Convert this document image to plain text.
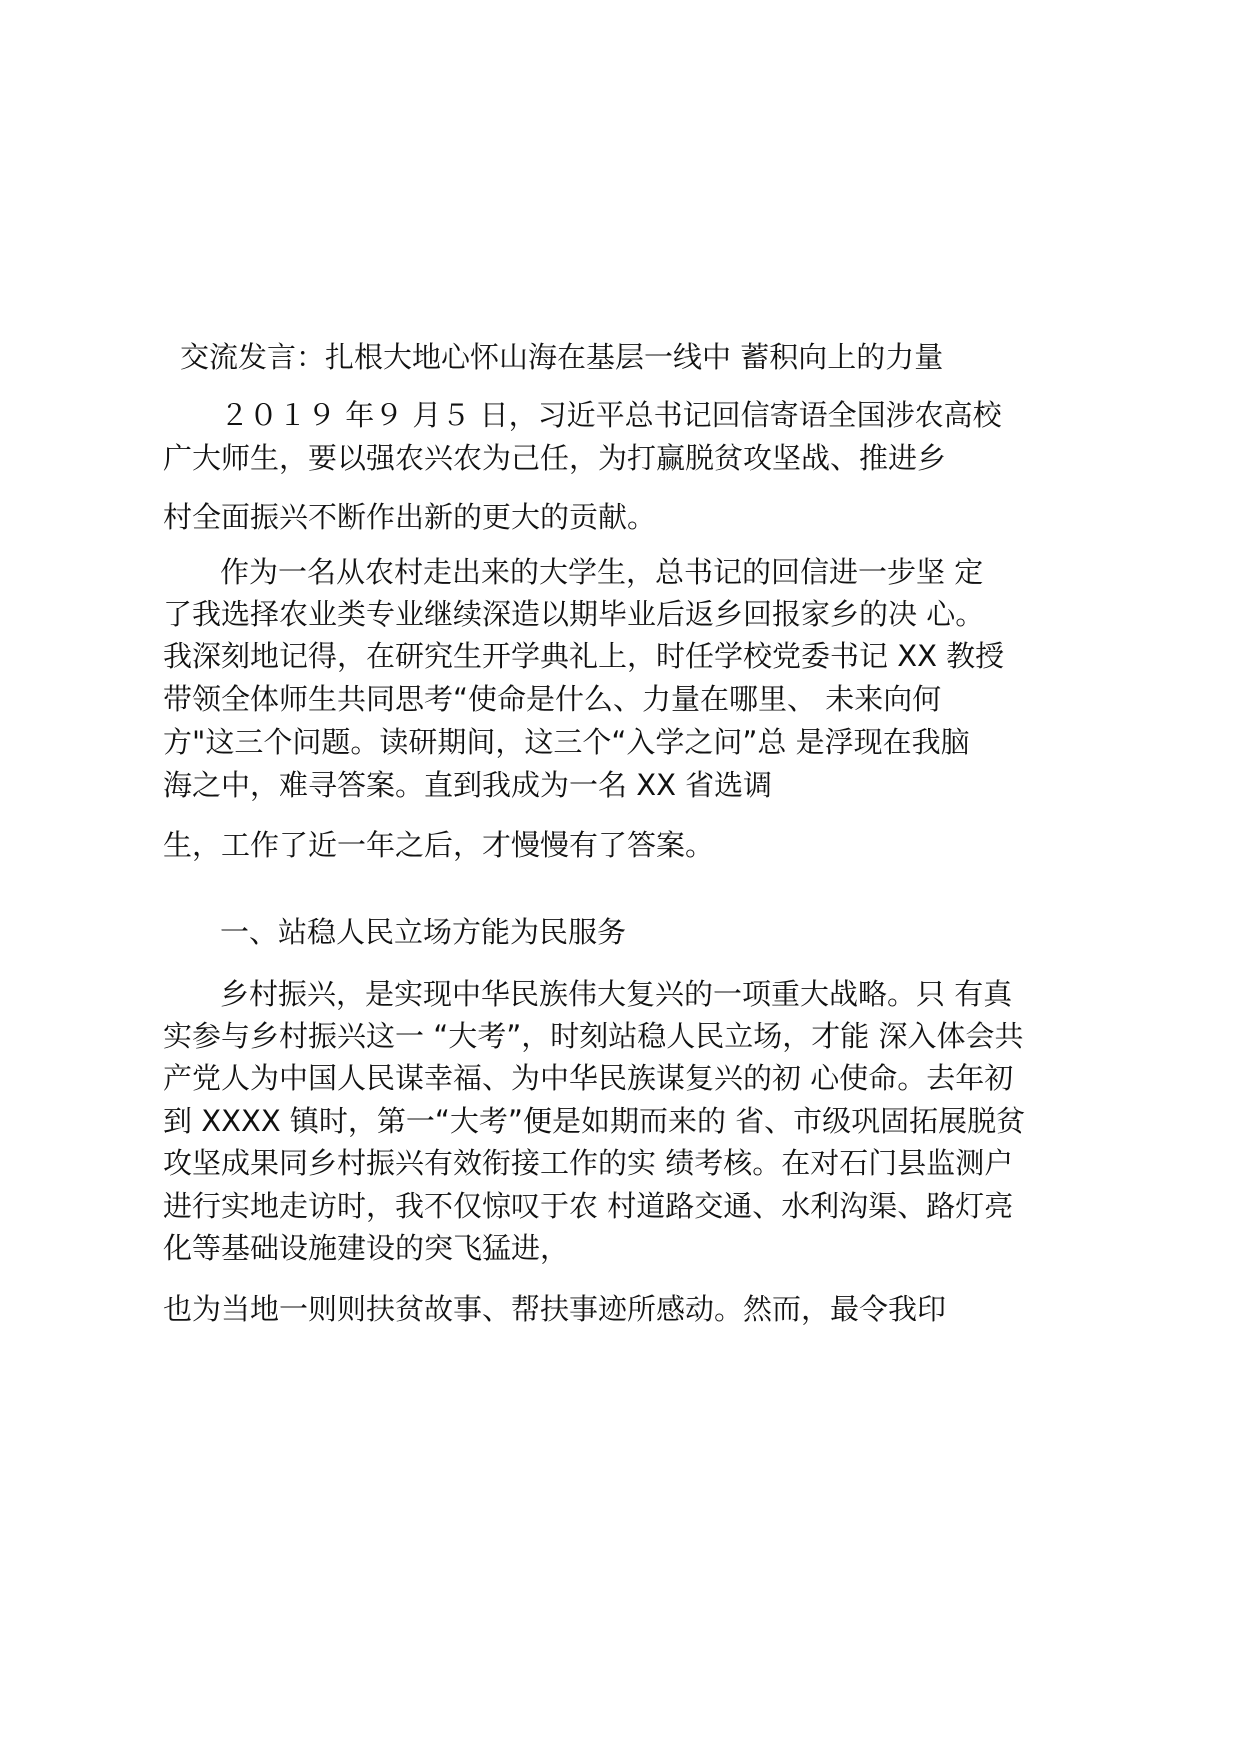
交流发言：扎根大地心怀山海在基层一线中 蓄积向上的力量
２０１９ 年９ 月５ 日，习近平总书记回信寄语全国涉农高校
广大师生，要以强农兴农为己任，为打赢脱贫攻坚战、推进乡
村全面振兴不断作出新的更大的贡献。
作为一名从农村走出来的大学生，总书记的回信进一步坚 定
了我选择农业类专业继续深造以期毕业后返乡回报家乡的决 心。
我深刻地记得，在研究生开学典礼上，时任学校党委书记 XX 教授
带领全体师生共同思考“使命是什么、力量在哪里、 未来向何
方"这三个问题。读研期间，这三个“入学之问”总 是浮现在我脑
海之中，难寻答案。直到我成为一名 XX 省选调
生，工作了近一年之后，才慢慢有了答案。
一、站稳人民立场方能为民服务
乡村振兴，是实现中华民族伟大复兴的一项重大战略。只 有真
实参与乡村振兴这一 “大考”，时刻站稳人民立场，才能 深入体会共
产党人为中国人民谋幸福、为中华民族谋复兴的初 心使命。去年初
到 XXXX 镇时，第一“大考”便是如期而来的 省、市级巩固拓展脱贫
攻坚成果同乡村振兴有效衔接工作的实 绩考核。在对石门县监测户
进行实地走访时，我不仅惊叹于农 村道路交通、水利沟渠、路灯亮
化等基础设施建设的突飞猛进，
也为当地一则则扶贫故事、帮扶事迹所感动。然而，最令我印
